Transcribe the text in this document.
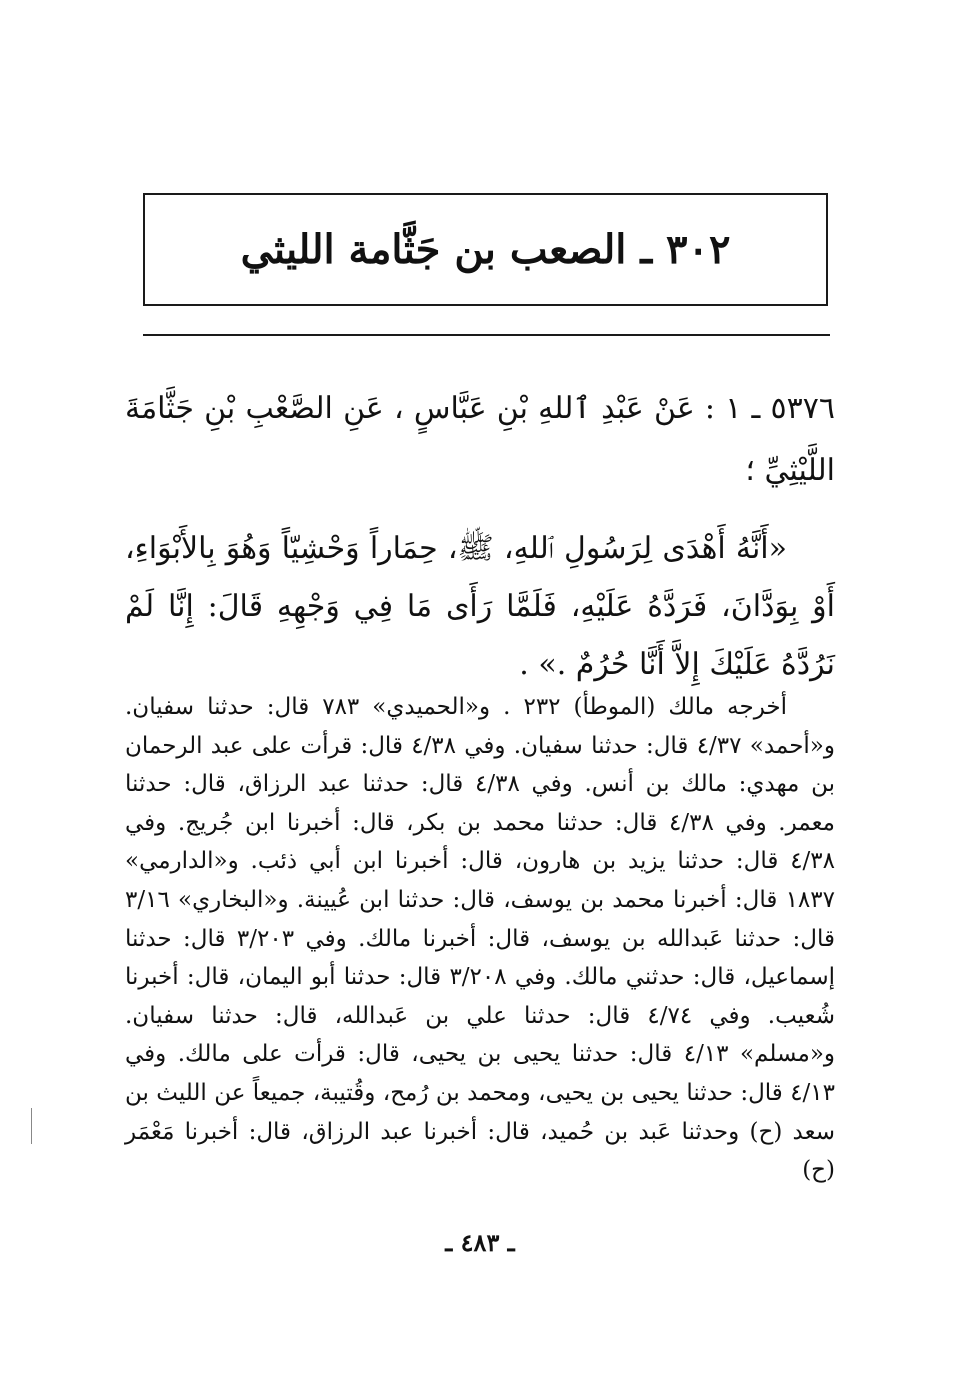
٣٠٢ ـ الصعب بن جَثَّامة الليثي

٥٣٧٦ ـ ١ : عَنْ عَبْدِ ٱللهِ بْنِ عَبَّاسٍ ، عَنِ الصَّعْبِ بْنِ جَثَّامَةَ اللَّيْثِيِّ ؛

«أَنَّهُ أَهْدَى لِرَسُولِ ٱللهِ، ﷺ، حِمَاراً وَحْشِيّاً وَهُوَ بِالأَبْوَاءِ، أَوْ بِوَدَّانَ، فَرَدَّهُ عَلَيْهِ، فَلَمَّا رَأَى مَا فِي وَجْهِهِ قَالَ: إِنَّا لَمْ نَرُدَّهُ عَلَيْكَ إِلاَّ أَنَّا حُرُمٌ .» .

أخرجه مالك (الموطأ) ٢٣٢ . و«الحميدي» ٧٨٣ قال: حدثنا سفيان. و«أحمد» ٤/٣٧ قال: حدثنا سفيان. وفي ٤/٣٨ قال: قرأت على عبد الرحمان بن مهدي: مالك بن أنس. وفي ٤/٣٨ قال: حدثنا عبد الرزاق، قال: حدثنا معمر. وفي ٤/٣٨ قال: حدثنا محمد بن بكر، قال: أخبرنا ابن جُريج. وفي ٤/٣٨ قال: حدثنا يزيد بن هارون، قال: أخبرنا ابن أبي ذئب. و«الدارمي» ١٨٣٧ قال: أخبرنا محمد بن يوسف، قال: حدثنا ابن عُيينة. و«البخاري» ٣/١٦ قال: حدثنا عَبدالله بن يوسف، قال: أخبرنا مالك. وفي ٣/٢٠٣ قال: حدثنا إسماعيل، قال: حدثني مالك. وفي ٣/٢٠٨ قال: حدثنا أبو اليمان، قال: أخبرنا شُعيب. وفي ٤/٧٤ قال: حدثنا علي بن عَبدالله، قال: حدثنا سفيان. و«مسلم» ٤/١٣ قال: حدثنا يحيى بن يحيى، قال: قرأت على مالك. وفي ٤/١٣ قال: حدثنا يحيى بن يحيى، ومحمد بن رُمح، وقُتيبة، جميعاً عن الليث بن سعد (ح) وحدثنا عَبد بن حُميد، قال: أخبرنا عبد الرزاق، قال: أخبرنا مَعْمَر (ح)

ـ ٤٨٣ ـ
